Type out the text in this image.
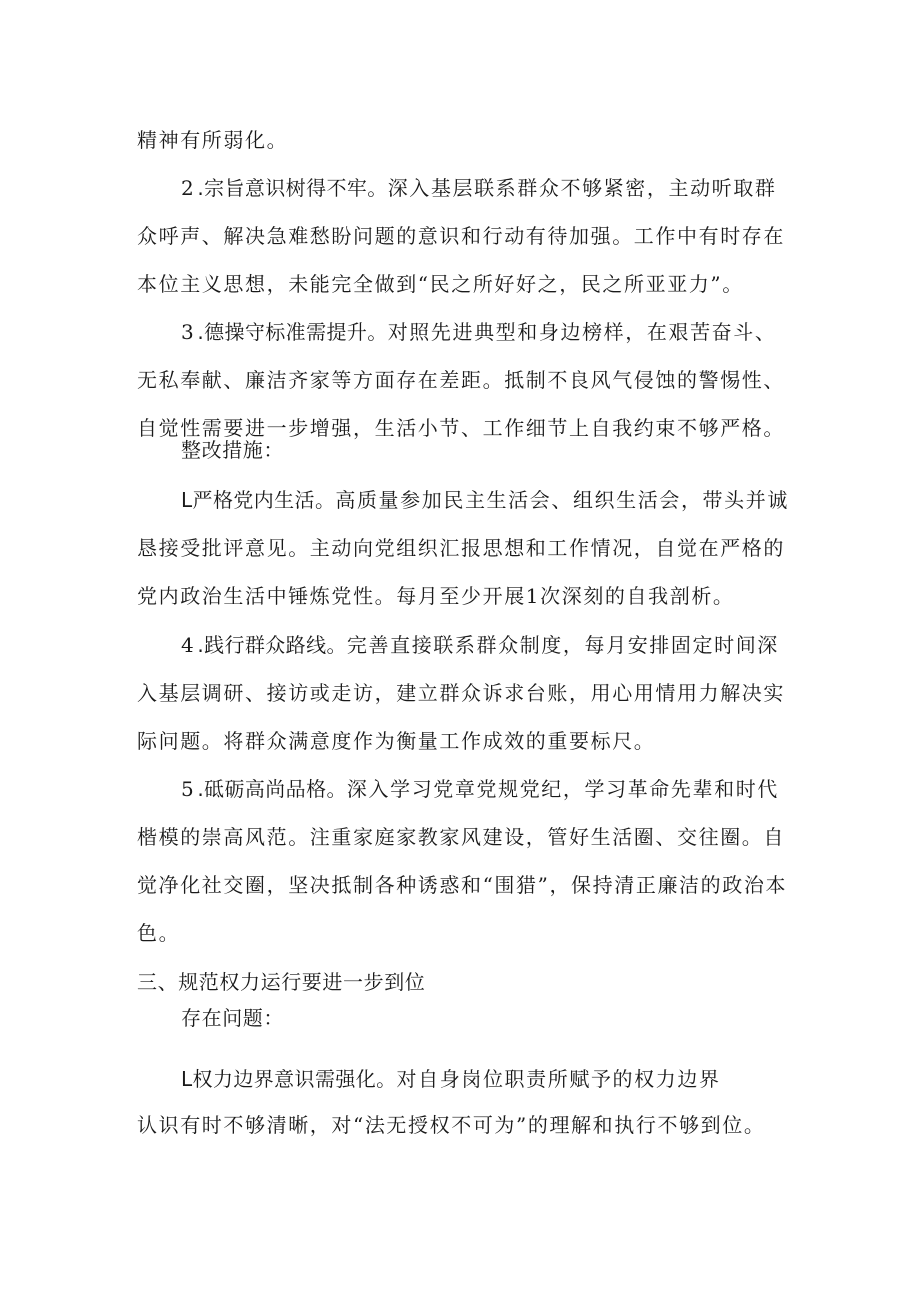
精神有所弱化。

2 .宗旨意识树得不牢。深入基层联系群众不够紧密，主动听取群众呼声、解决急难愁盼问题的意识和行动有待加强。工作中有时存在本位主义思想，未能完全做到“民之所好好之，民之所亚亚力”。

3 .德操守标准需提升。对照先进典型和身边榜样，在艰苦奋斗、无私奉献、廉洁齐家等方面存在差距。抵制不良风气侵蚀的警惕性、自觉性需要进一步增强，生活小节、工作细节上自我约束不够严格。

整改措施：

L严格党内生活。高质量参加民主生活会、组织生活会，带头并诚恳接受批评意见。主动向党组织汇报思想和工作情况，自觉在严格的党内政治生活中锤炼党性。每月至少开展1次深刻的自我剖析。

4 .践行群众路线。完善直接联系群众制度，每月安排固定时间深入基层调研、接访或走访，建立群众诉求台账，用心用情用力解决实际问题。将群众满意度作为衡量工作成效的重要标尺。

5 .砥砺高尚品格。深入学习党章党规党纪，学习革命先辈和时代楷模的崇高风范。注重家庭家教家风建设，管好生活圈、交往圈。自觉净化社交圈，坚决抵制各种诱惑和“围猎”，保持清正廉洁的政治本色。

三、规范权力运行要进一步到位

存在问题：

L权力边界意识需强化。对自身岗位职责所赋予的权力边界

认识有时不够清晰，对“法无授权不可为”的理解和执行不够到位。
